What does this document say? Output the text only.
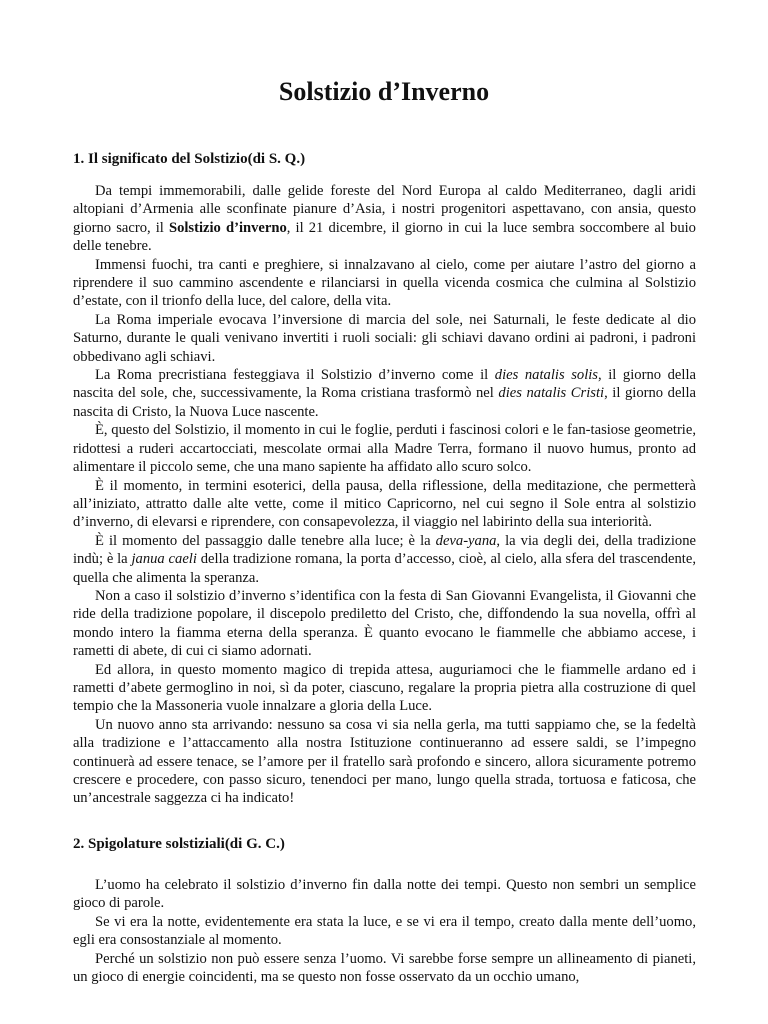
Solstizio d’Inverno
1. Il significato del Solstizio(di S. Q.)

Da tempi immemorabili, dalle gelide foreste del Nord Europa al caldo Mediterraneo, dagli aridi altopiani d’Armenia alle sconfinate pianure d’Asia, i nostri progenitori aspettavano, con ansia, questo giorno sacro, il Solstizio d’inverno, il 21 dicembre, il giorno in cui la luce sembra soccombere al buio delle tenebre.

Immensi fuochi, tra canti e preghiere, si innalzavano al cielo, come per aiutare l’astro del giorno a riprendere il suo cammino ascendente e rilanciarsi in quella vicenda cosmica che culmina al Solstizio d’estate, con il trionfo della luce, del calore, della vita.

La Roma imperiale evocava l’inversione di marcia del sole, nei Saturnali, le feste dedicate al dio Saturno, durante le quali venivano invertiti i ruoli sociali: gli schiavi davano ordini ai padroni, i padroni obbedivano agli schiavi.

La Roma precristiana festeggiava il Solstizio d’inverno come il dies natalis solis, il giorno della nascita del sole, che, successivamente, la Roma cristiana trasformò nel dies natalis Cristi, il giorno della nascita di Cristo, la Nuova Luce nascente.

È, questo del Solstizio, il momento in cui le foglie, perduti i fascinosi colori e le fan-tasiose geometrie, ridottesi a ruderi accartocciati, mescolate ormai alla Madre Terra, formano il nuovo humus, pronto ad alimentare il piccolo seme, che una mano sapiente ha affidato allo scuro solco.

È il momento, in termini esoterici, della pausa, della riflessione, della meditazione, che permetterà all’iniziato, attratto dalle alte vette, come il mitico Capricorno, nel cui segno il Sole entra al solstizio d’inverno, di elevarsi e riprendere, con consapevolezza, il viaggio nel labirinto della sua interiorità.

È il momento del passaggio dalle tenebre alla luce; è la deva-yana, la via degli dei, della tradizione indù; è la janua caeli della tradizione romana, la porta d’accesso, cioè, al cielo, alla sfera del trascendente, quella che alimenta la speranza.

Non a caso il solstizio d’inverno s’identifica con la festa di San Giovanni Evangelista, il Giovanni che ride della tradizione popolare, il discepolo prediletto del Cristo, che, diffondendo la sua novella, offrì al mondo intero la fiamma eterna della speranza. È quanto evocano le fiammelle che abbiamo accese, i rametti di abete, di cui ci siamo adornati.

Ed allora, in questo momento magico di trepida attesa, auguriamoci che le fiammelle ardano ed i rametti d’abete germoglino in noi, sì da poter, ciascuno, regalare la propria pietra alla costruzione di quel tempio che la Massoneria vuole innalzare a gloria della Luce.

Un nuovo anno sta arrivando: nessuno sa cosa vi sia nella gerla, ma tutti sappiamo che, se la fedeltà alla tradizione e l’attaccamento alla nostra Istituzione continueranno ad essere saldi, se l’impegno continuerà ad essere tenace, se l’amore per il fratello sarà profondo e sincero, allora sicuramente potremo crescere e procedere, con passo sicuro, tenendoci per mano, lungo quella strada, tortuosa e faticosa, che un’ancestrale saggezza ci ha indicato!

2. Spigolature solstiziali(di G. C.)

L’uomo ha celebrato il solstizio d’inverno fin dalla notte dei tempi. Questo non sembri un semplice gioco di parole.

Se vi era la notte, evidentemente era stata la luce, e se vi era il tempo, creato dalla mente dell’uomo, egli era consostanziale al momento.

Perché un solstizio non può essere senza l’uomo. Vi sarebbe forse sempre un allineamento di pianeti, un gioco di energie coincidenti, ma se questo non fosse osservato da un occhio umano,
